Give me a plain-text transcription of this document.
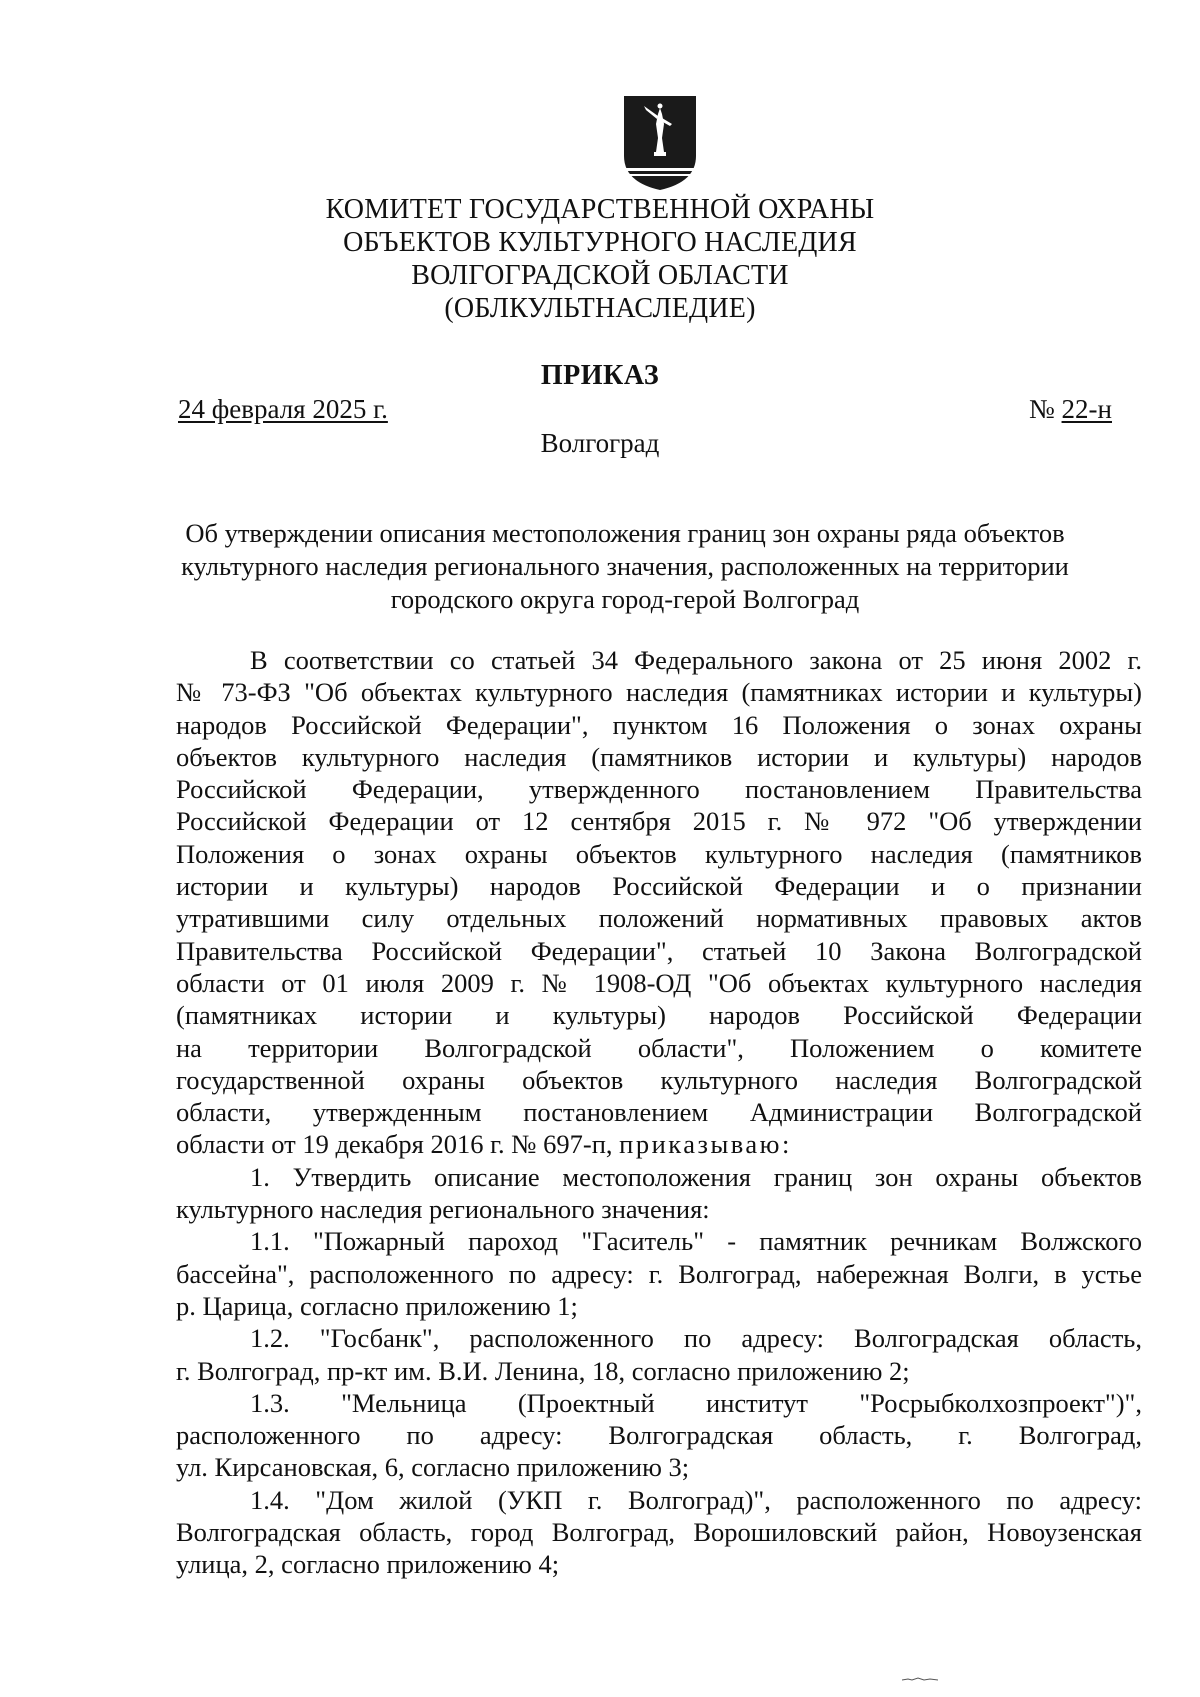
КОМИТЕТ ГОСУДАРСТВЕННОЙ ОХРАНЫ
ОБЪЕКТОВ КУЛЬТУРНОГО НАСЛЕДИЯ
ВОЛГОГРАДСКОЙ ОБЛАСТИ
(ОБЛКУЛЬТНАСЛЕДИЕ)
ПРИКАЗ
24 февраля 2025 г.	№ 22-н
Волгоград
Об утверждении описания местоположения границ зон охраны ряда объектов
культурного наследия регионального значения, расположенных на территории
городского округа город-герой Волгоград
В соответствии со статьей 34 Федерального закона от 25 июня 2002 г.
№ 73-ФЗ "Об объектах культурного наследия (памятниках истории и культуры)
народов Российской Федерации", пунктом 16 Положения о зонах охраны
объектов культурного наследия (памятников истории и культуры) народов
Российской Федерации, утвержденного постановлением Правительства
Российской Федерации от 12 сентября 2015 г. № 972 "Об утверждении
Положения о зонах охраны объектов культурного наследия (памятников
истории и культуры) народов Российской Федерации и о признании
утратившими силу отдельных положений нормативных правовых актов
Правительства Российской Федерации", статьей 10 Закона Волгоградской
области от 01 июля 2009 г. № 1908-ОД "Об объектах культурного наследия
(памятниках истории и культуры) народов Российской Федерации
на территории Волгоградской области", Положением о комитете
государственной охраны объектов культурного наследия Волгоградской
области, утвержденным постановлением Администрации Волгоградской
области от 19 декабря 2016 г. № 697-п, приказываю:
1. Утвердить описание местоположения границ зон охраны объектов
культурного наследия регионального значения:
1.1. "Пожарный пароход "Гаситель" - памятник речникам Волжского
бассейна", расположенного по адресу: г. Волгоград, набережная Волги, в устье
р. Царица, согласно приложению 1;
1.2. "Госбанк", расположенного по адресу: Волгоградская область,
г. Волгоград, пр-кт им. В.И. Ленина, 18, согласно приложению 2;
1.3. "Мельница (Проектный институт "Росрыбколхозпроект")",
расположенного по адресу: Волгоградская область, г. Волгоград,
ул. Кирсановская, 6, согласно приложению 3;
1.4. "Дом жилой (УКП г. Волгоград)", расположенного по адресу:
Волгоградская область, город Волгоград, Ворошиловский район, Новоузенская
улица, 2, согласно приложению 4;
